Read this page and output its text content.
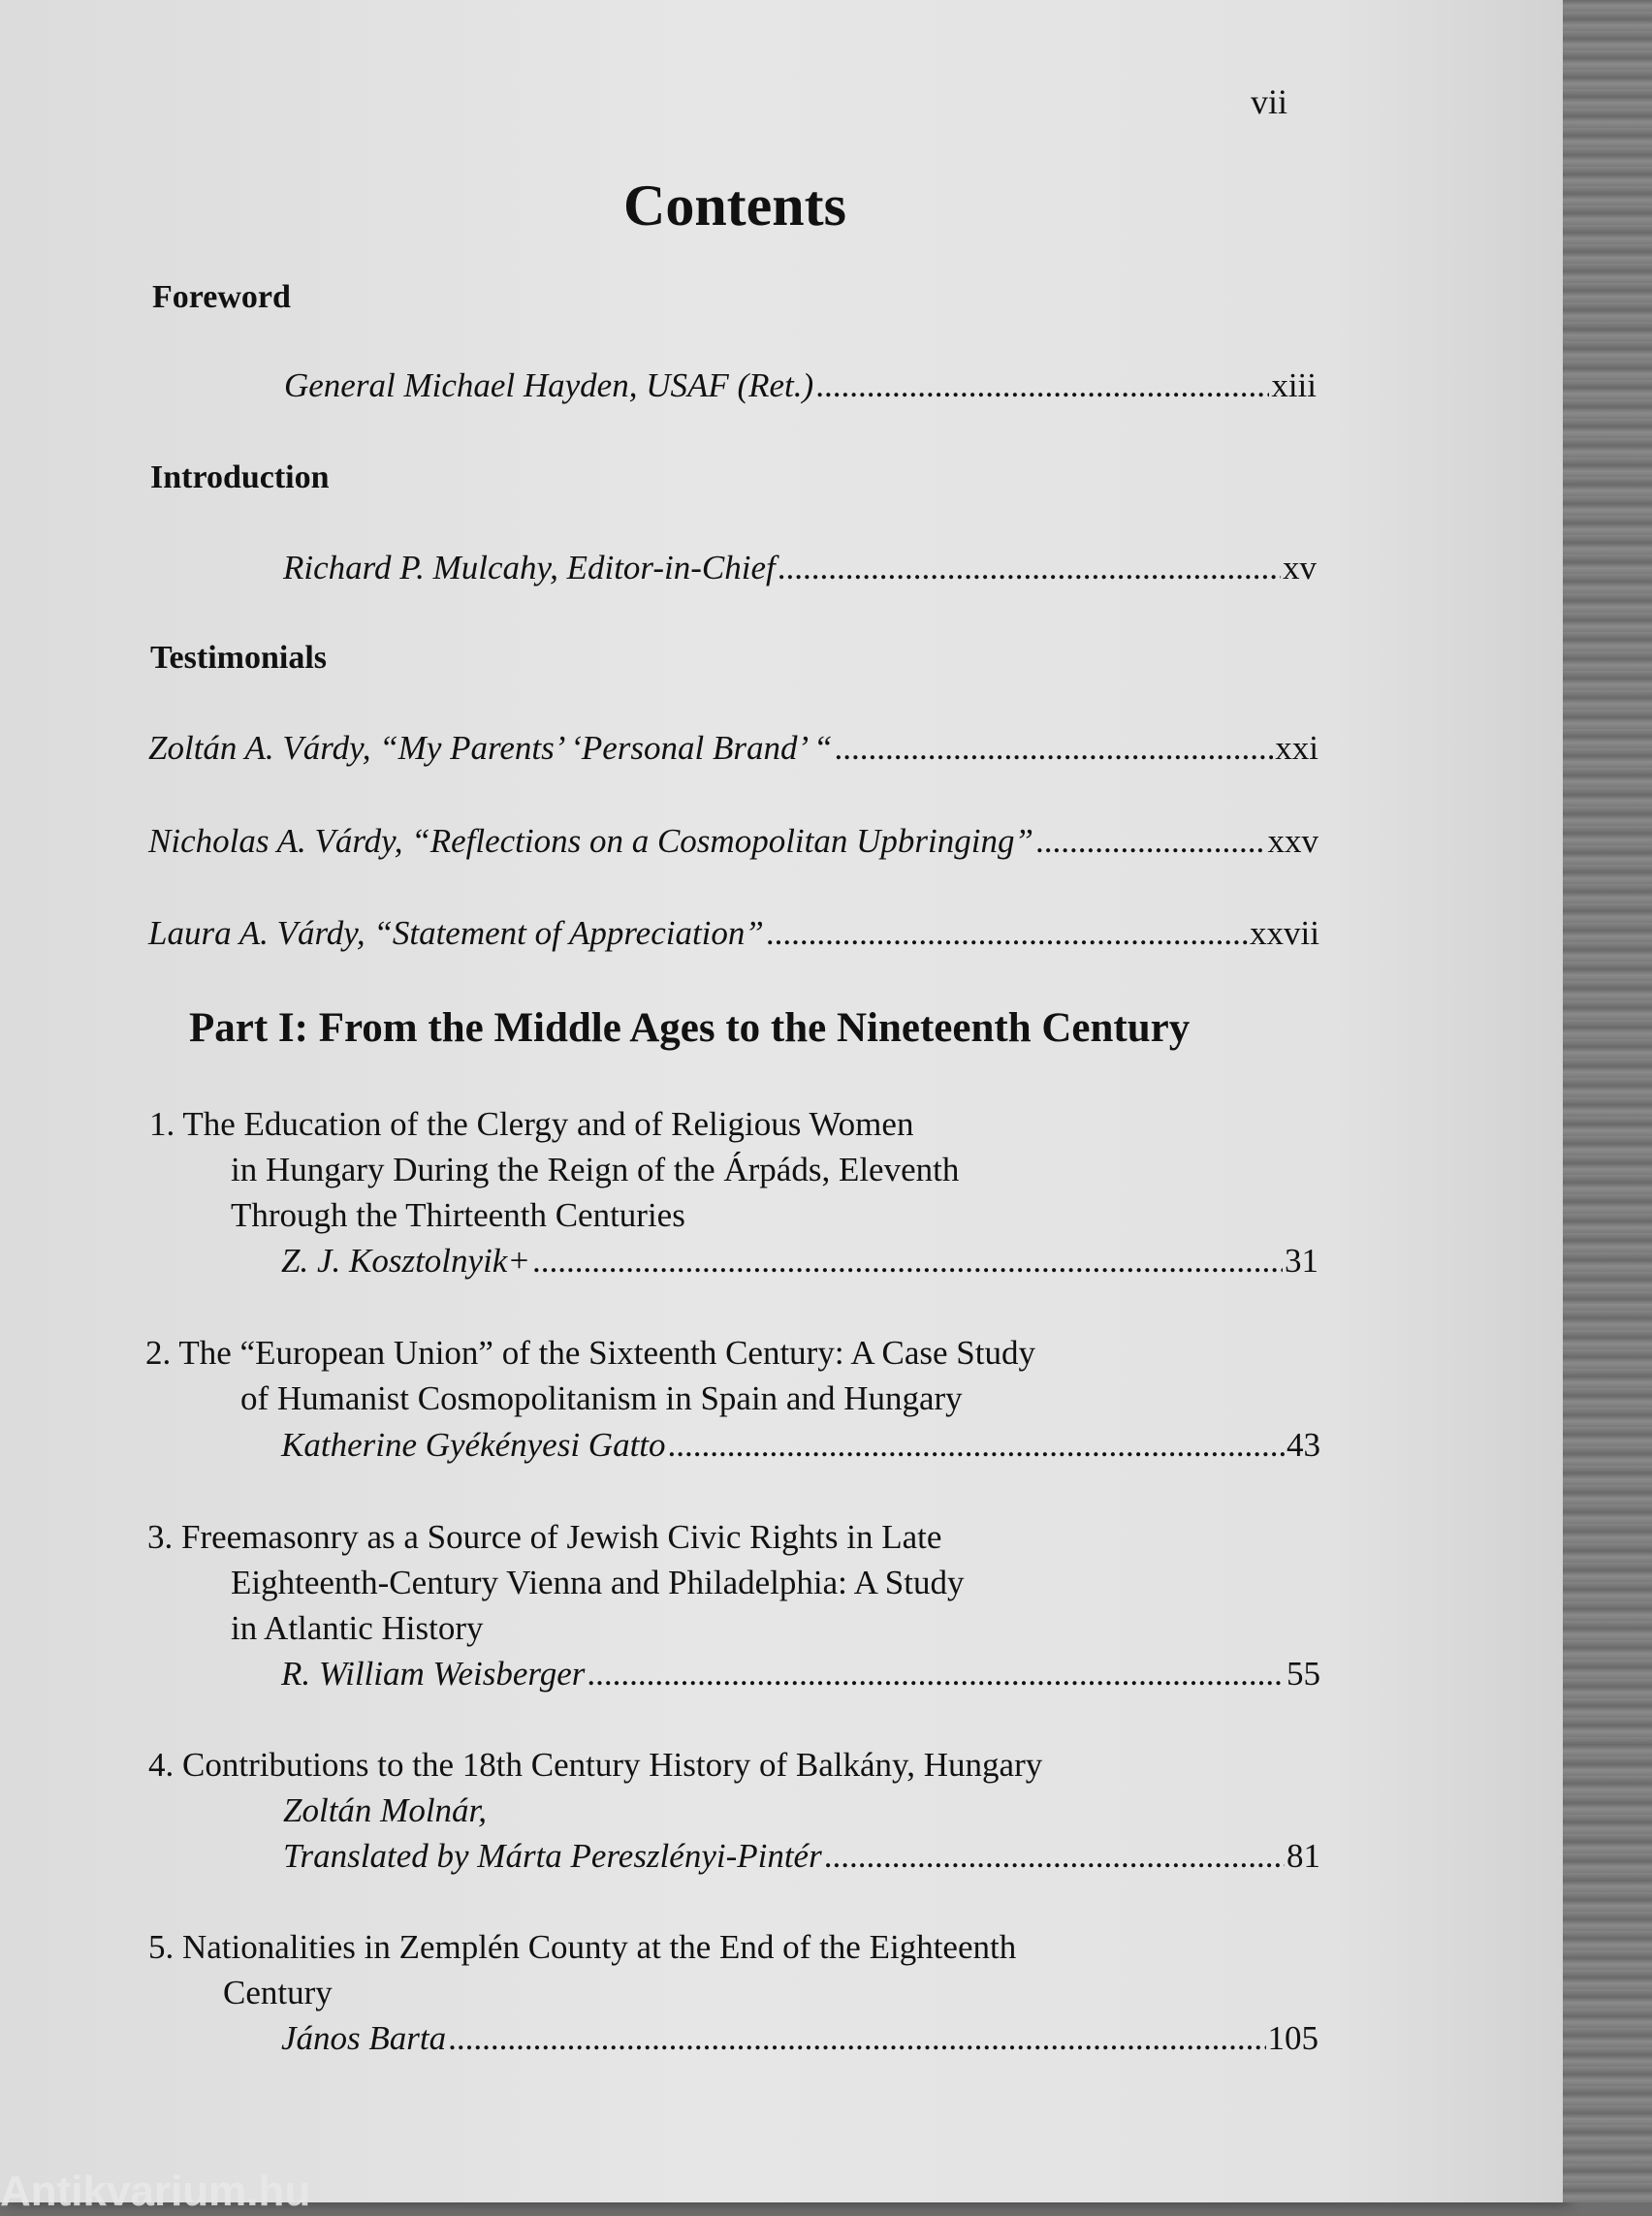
vii
Contents
Foreword
General Michael Hayden, USAF (Ret.) .....	xiii
Introduction
Richard P. Mulcahy, Editor-in-Chief .....	xv
Testimonials
Zoltán A. Várdy, “My Parents’ ‘Personal Brand’ “ .....	xxi
Nicholas A. Várdy, “Reflections on a Cosmopolitan Upbringing” .....	xxv
Laura A. Várdy, “Statement of Appreciation” .....	xxvii
Part I: From the Middle Ages to the Nineteenth Century
1. The Education of the Clergy and of Religious Women
in Hungary During the Reign of the Árpáds, Eleventh
Through the Thirteenth Centuries
Z. J. Kosztolnyik+ .....	31
2. The “European Union” of the Sixteenth Century: A Case Study
of Humanist Cosmopolitanism in Spain and Hungary
Katherine Gyékényesi Gatto .....	43
3. Freemasonry as a Source of Jewish Civic Rights in Late
Eighteenth-Century Vienna and Philadelphia: A Study
in Atlantic History
R. William Weisberger .....	55
4. Contributions to the 18th Century History of Balkány, Hungary
Zoltán Molnár,
Translated by Márta Pereszlényi-Pintér .....	81
5. Nationalities in Zemplén County at the End of the Eighteenth
Century
János Barta .....	105
Antikvarium.hu
